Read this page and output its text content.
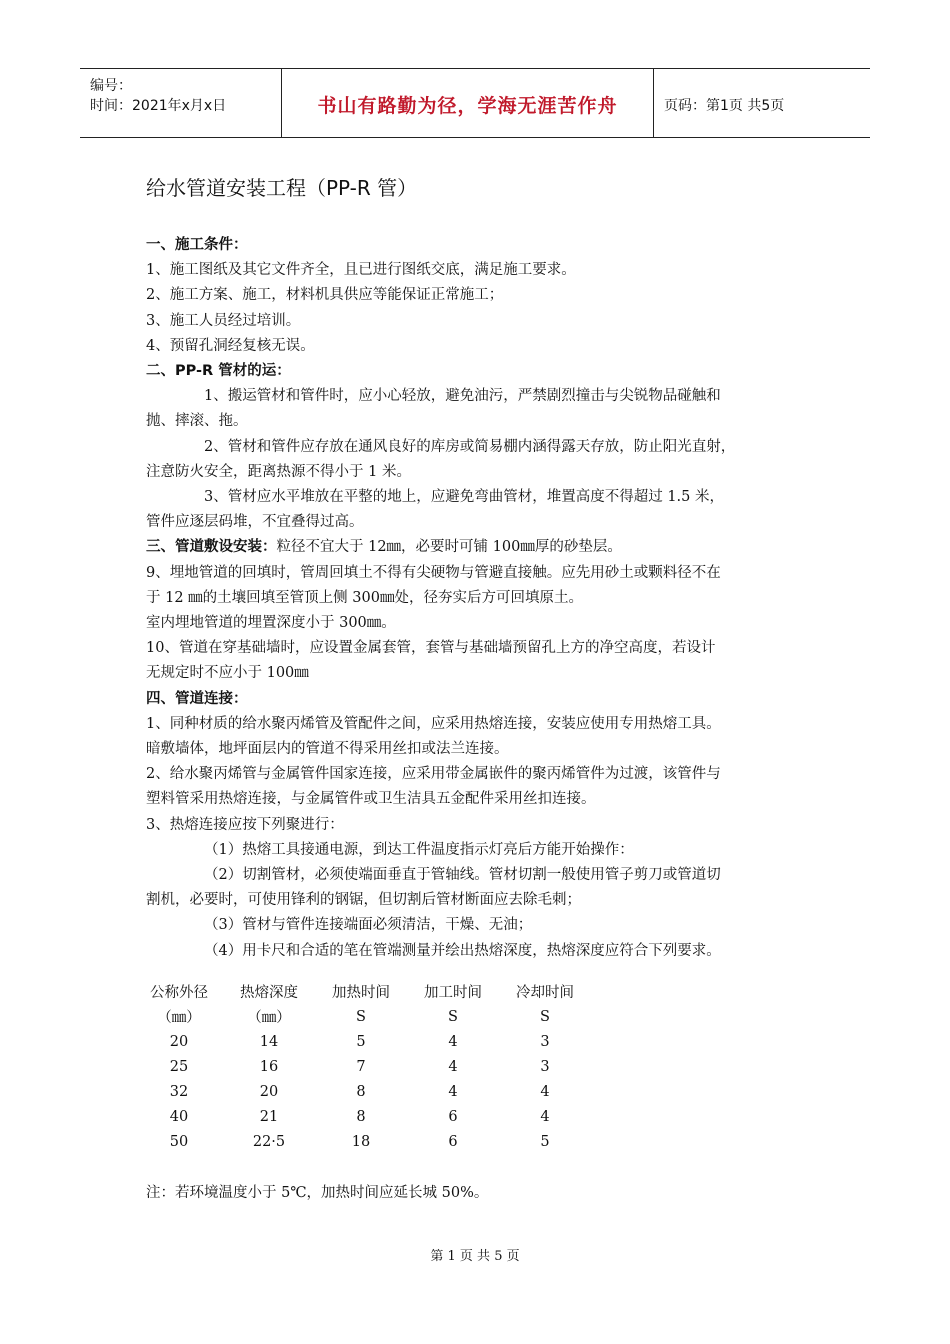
编号：
时间：2021年x月x日	书山有路勤为径，学海无涯苦作舟	页码：第1页 共5页
给水管道安装工程（PP-R 管）

一、施工条件：

1、施工图纸及其它文件齐全，且已进行图纸交底，满足施工要求。

2、施工方案、施工，材料机具供应等能保证正常施工；

3、施工人员经过培训。

4、预留孔洞经复核无误。

二、PP-R 管材的运：

1、搬运管材和管件时，应小心轻放，避免油污，严禁剧烈撞击与尖锐物品碰触和

抛、摔滚、拖。

2、管材和管件应存放在通风良好的库房或简易棚内涵得露天存放，防止阳光直射，

注意防火安全，距离热源不得小于 1 米。

3、管材应水平堆放在平整的地上，应避免弯曲管材，堆置高度不得超过 1.5 米，

管件应逐层码堆，不宜叠得过高。

三、管道敷设安装：粒径不宜大于 12㎜，必要时可铺 100㎜厚的砂垫层。

9、埋地管道的回填时，管周回填土不得有尖硬物与管避直接触。应先用砂土或颗料径不在

于 12 ㎜的土壤回填至管顶上侧 300㎜处，径夯实后方可回填原土。

室内埋地管道的埋置深度小于 300㎜。

10、管道在穿基础墙时，应设置金属套管，套管与基础墙预留孔上方的净空高度，若设计

无规定时不应小于 100㎜

四、管道连接：

1、同种材质的给水聚丙烯管及管配件之间，应采用热熔连接，安装应使用专用热熔工具。

暗敷墙体，地坪面层内的管道不得采用丝扣或法兰连接。

2、给水聚丙烯管与金属管件国家连接，应采用带金属嵌件的聚丙烯管件为过渡，该管件与

塑料管采用热熔连接，与金属管件或卫生洁具五金配件采用丝扣连接。

3、热熔连接应按下列聚进行：

（1）热熔工具接通电源，到达工件温度指示灯亮后方能开始操作：

（2）切割管材，必须使端面垂直于管轴线。管材切割一般使用管子剪刀或管道切

割机，必要时，可使用锋利的钢锯，但切割后管材断面应去除毛刺；

（3）管材与管件连接端面必须清洁，干燥、无油；

（4）用卡尺和合适的笔在管端测量并绘出热熔深度，热熔深度应符合下列要求。

公称外径		热熔深度		加热时间		加工时间		冷却时间
（㎜）		（㎜）		S		S		S
20		14		5		4		3
25		16		7		4		3
32		20		8		4		4
40		21		8		6		4
50		22·5		18		6		5
注：若环境温度小于 5℃，加热时间应延长城 50%。
第 1 页 共 5 页
